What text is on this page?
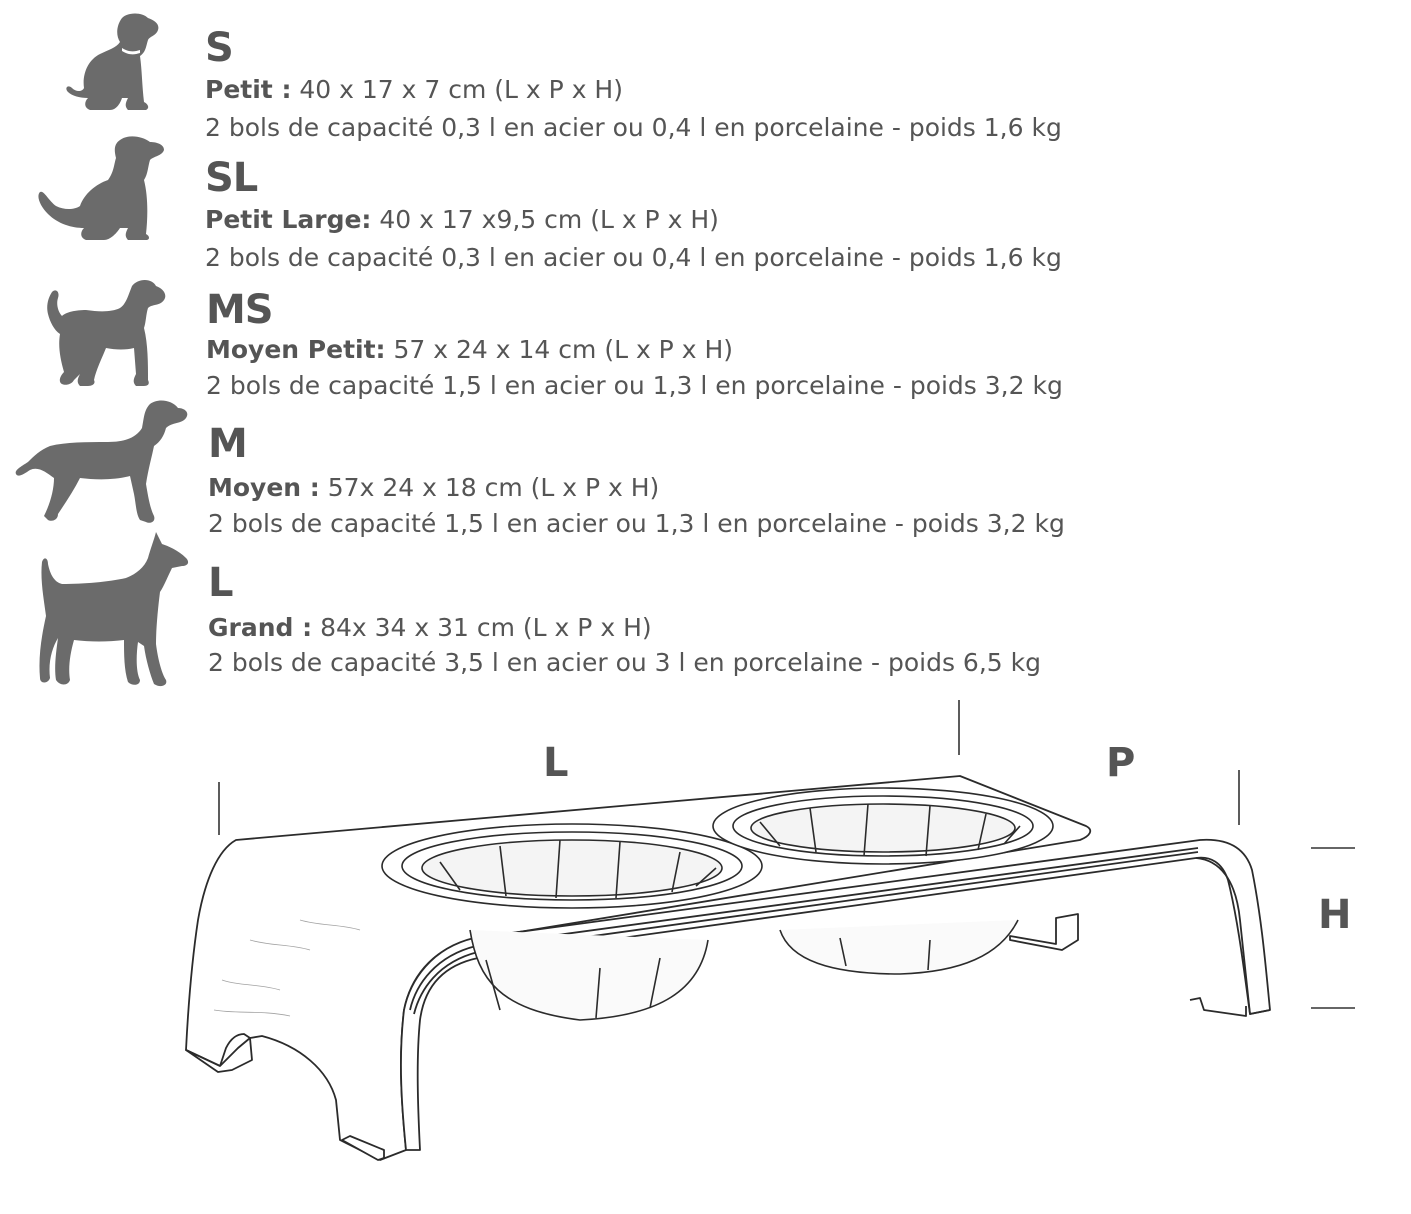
S
Petit : 40 x 17 x 7 cm (L x P x H)
2 bols de capacité 0,3 l en acier ou 0,4 l en porcelaine - poids 1,6 kg
SL
Petit Large: 40 x 17 x9,5 cm (L x P x H)
2 bols de capacité 0,3 l en acier ou 0,4 l en porcelaine - poids 1,6 kg
MS
Moyen Petit: 57 x 24 x 14 cm (L x P x H)
2 bols de capacité 1,5 l en acier ou 1,3 l en porcelaine - poids 3,2 kg
M
Moyen : 57x 24 x 18 cm (L x P x H)
2 bols de capacité 1,5 l en acier ou 1,3 l en porcelaine - poids 3,2 kg
L
Grand : 84x 34 x 31 cm (L x P x H)
2 bols de capacité 3,5 l en acier ou 3 l en porcelaine - poids 6,5 kg
L	P
H
